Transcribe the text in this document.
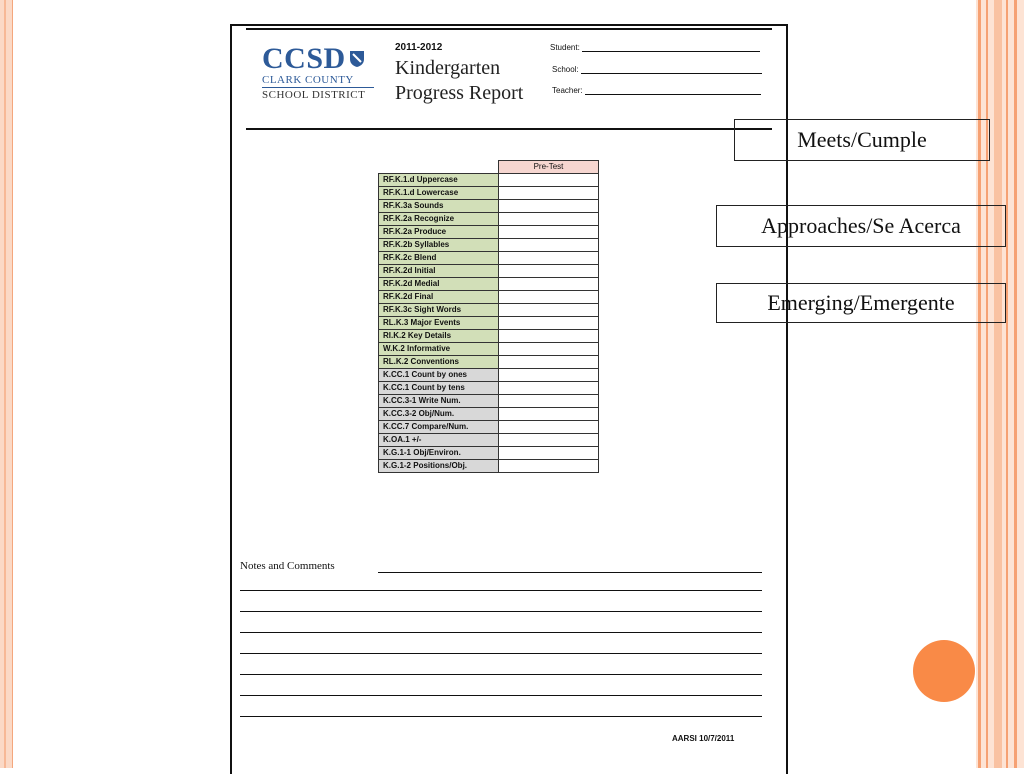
CCSD
CLARK COUNTY
SCHOOL DISTRICT
2011-2012
Kindergarten
Progress Report
Student:
School:
Teacher:
	Pre-Test
RF.K.1.d Uppercase	
RF.K.1.d Lowercase	
RF.K.3a Sounds	
RF.K.2a Recognize	
RF.K.2a Produce	
RF.K.2b Syllables	
RF.K.2c Blend	
RF.K.2d Initial	
RF.K.2d Medial	
RF.K.2d Final	
RF.K.3c Sight Words	
RL.K.3 Major Events	
RI.K.2 Key Details	
W.K.2 Informative	
RL.K.2 Conventions	
K.CC.1 Count by ones	
K.CC.1 Count by tens	
K.CC.3-1 Write Num.	
K.CC.3-2 Obj/Num.	
K.CC.7 Compare/Num.	
K.OA.1 +/-	
K.G.1-1 Obj/Environ.	
K.G.1-2 Positions/Obj.	
Notes and Comments
AARSI 10/7/2011
Meets/Cumple
Approaches/Se Acerca
Emerging/Emergente
